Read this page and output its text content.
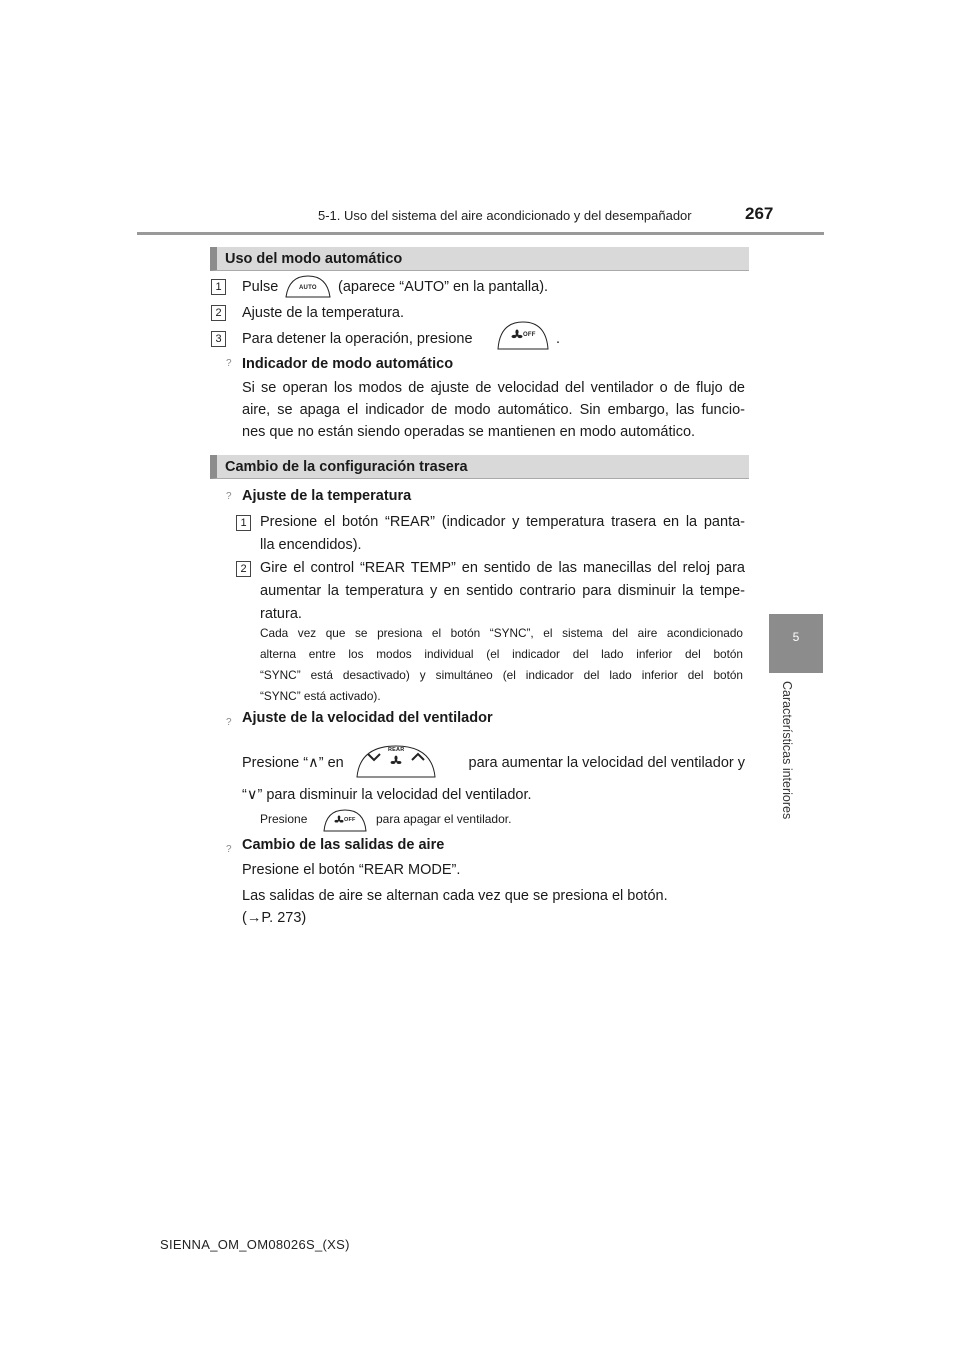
5-1. Uso del sistema del aire acondicionado y del desempañador	267
5
Características interiores
Uso del modo automático
1	Pulse	AUTO (aparece “AUTO” en la pantalla).
2	Ajuste de la temperatura.
3	Para detener la operación, presione	OFF .
? Indicador de modo automático
Si se operan los modos de ajuste de velocidad del ventilador o de flujo de
aire, se apaga el indicador de modo automático. Sin embargo, las funcio-
nes que no están siendo operadas se mantienen en modo automático.
Cambio de la configuración trasera
? Ajuste de la temperatura
1 Presione el botón “REAR” (indicador y temperatura trasera en la panta-
lla encendidos).
2 Gire el control “REAR TEMP” en sentido de las manecillas del reloj para
aumentar la temperatura y en sentido contrario para disminuir la tempe-
ratura.
Cada vez que se presiona el botón “SYNC”, el sistema del aire acondicionado
alterna entre los modos individual (el indicador del lado inferior del botón
“SYNC” está desactivado) y simultáneo (el indicador del lado inferior del botón
“SYNC” está activado).
? Ajuste de la velocidad del ventilador
Presione “∧” en
REAR
para aumentar la velocidad del ventilador y
“∨” para disminuir la velocidad del ventilador.
Presione	OFF para apagar el ventilador.
? Cambio de las salidas de aire
Presione el botón “REAR MODE”.
Las salidas de aire se alternan cada vez que se presiona el botón.
(→P. 273)
SIENNA_OM_OM08026S_(XS)
